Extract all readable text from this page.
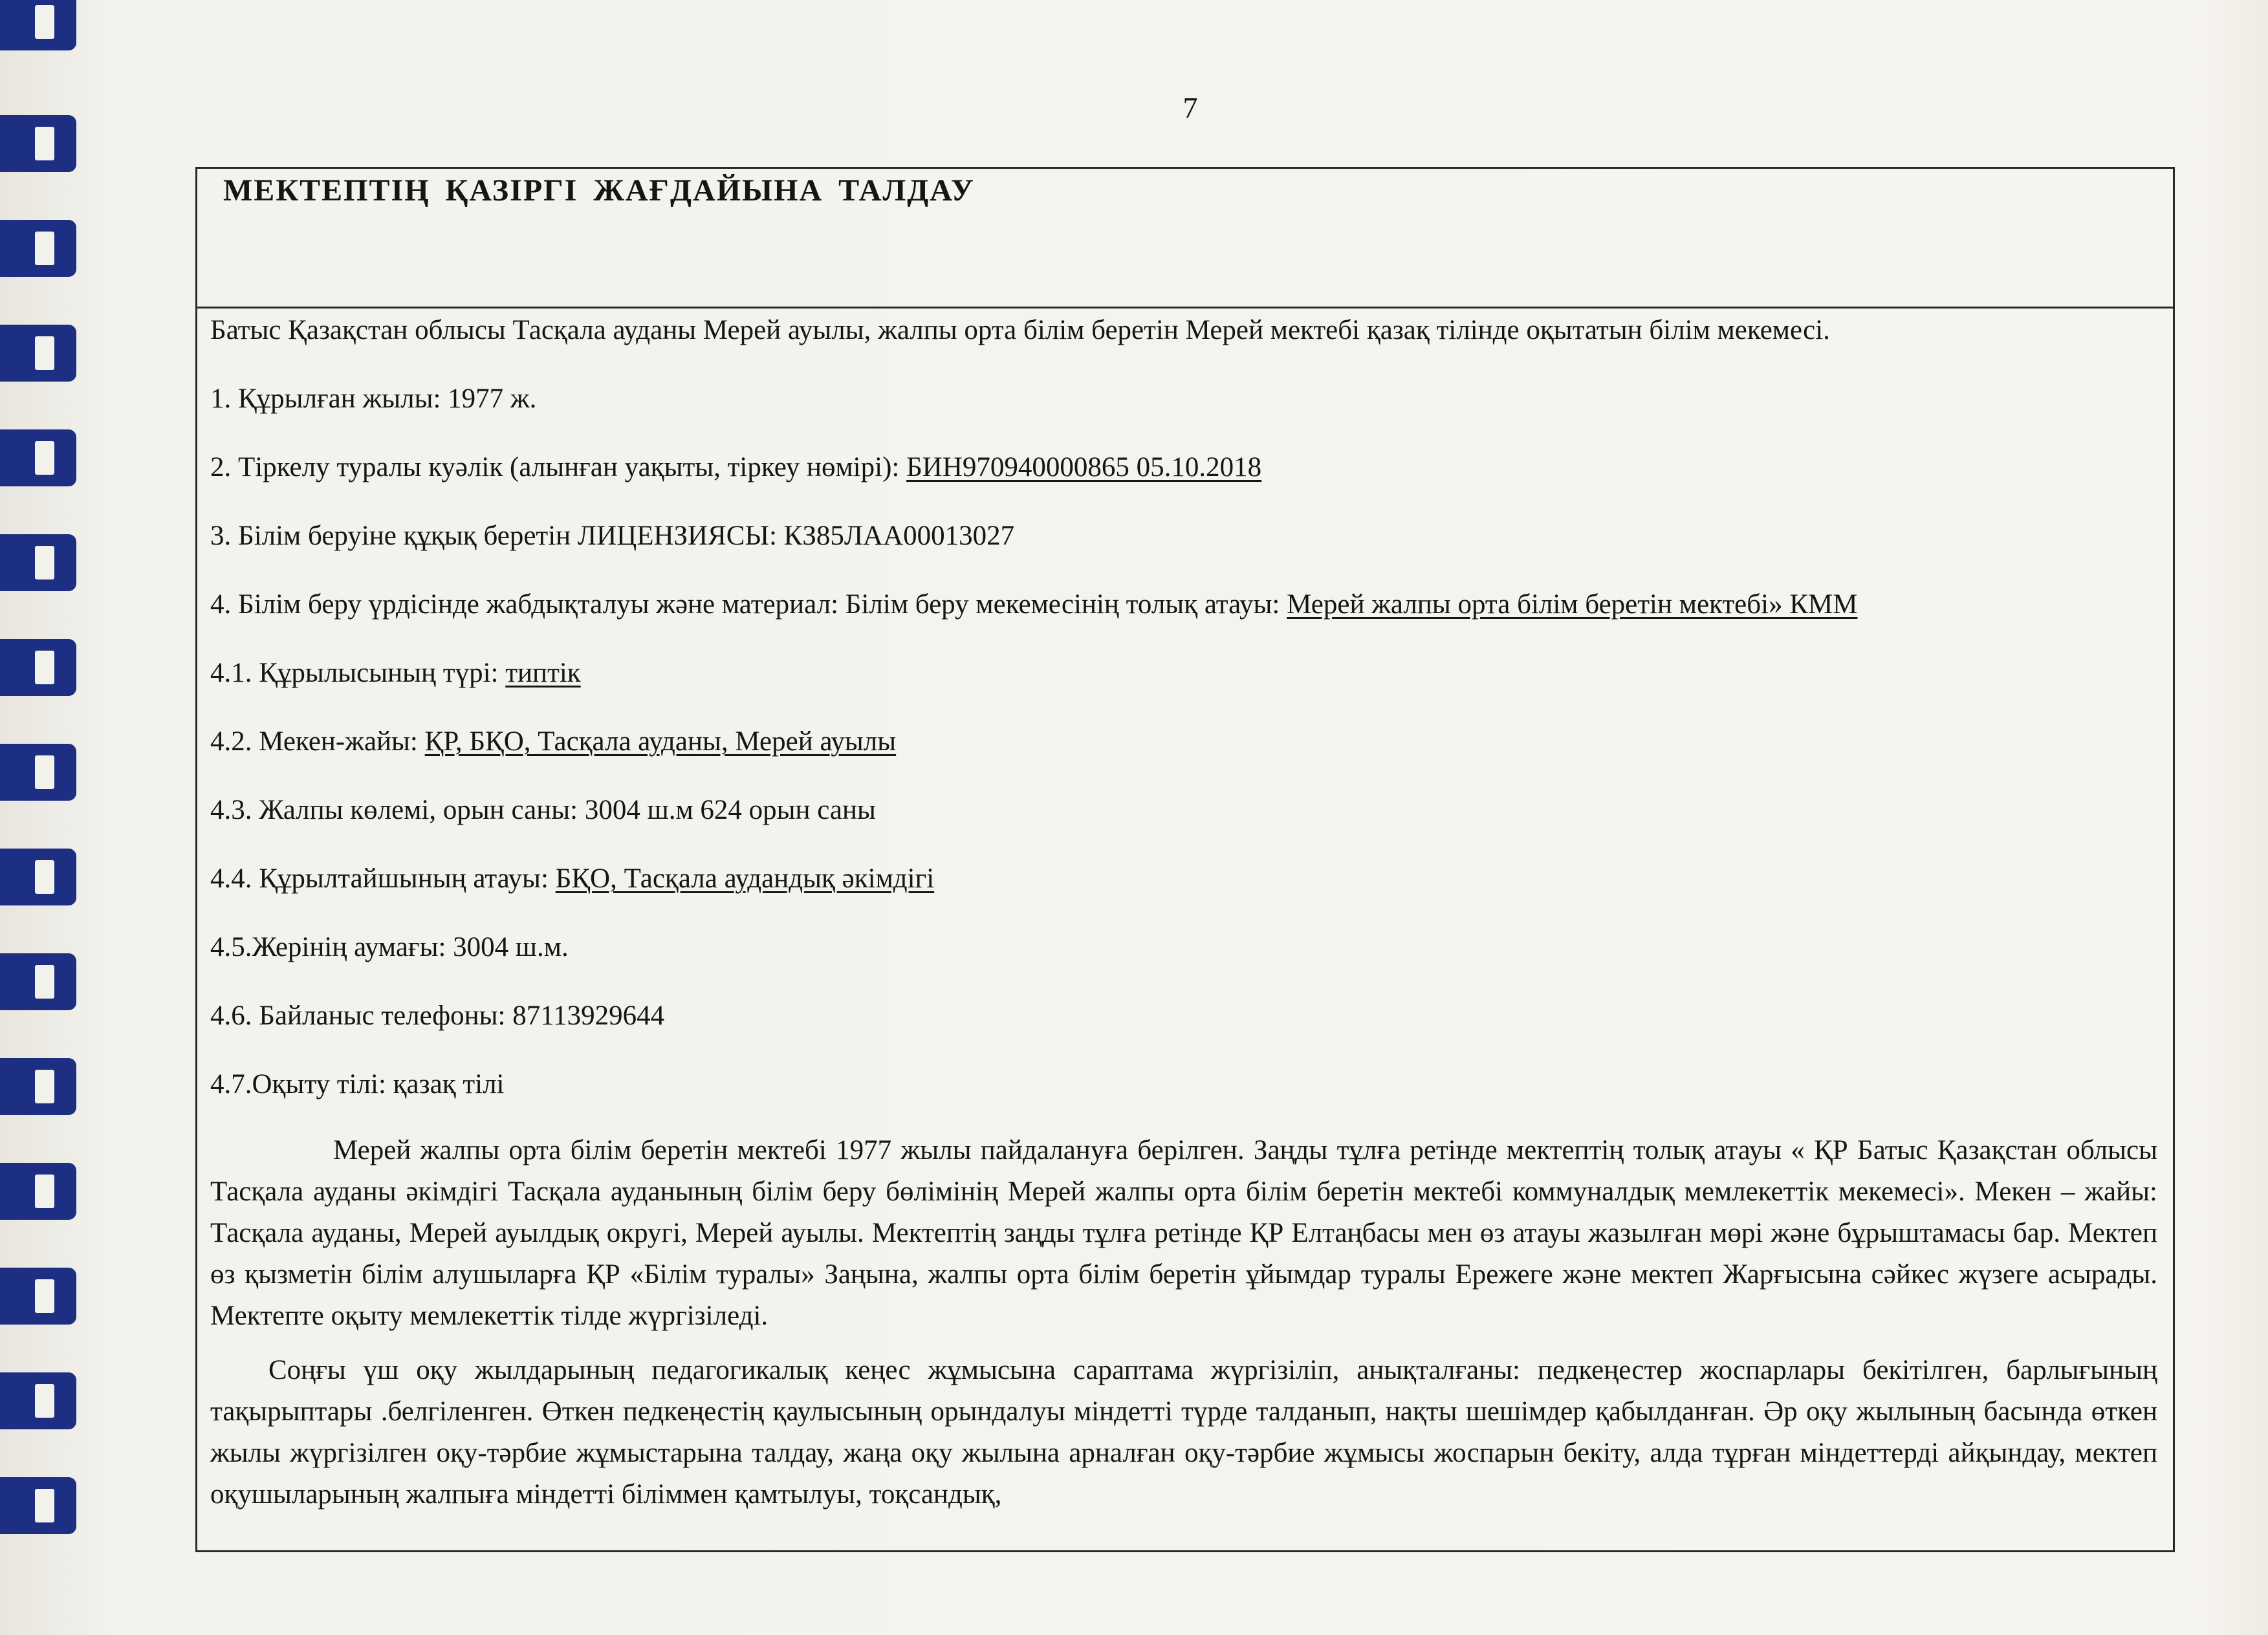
7
МЕКТЕПТІҢ ҚАЗІРГІ ЖАҒДАЙЫНА ТАЛДАУ
Батыс Қазақстан облысы Тасқала ауданы Мерей ауылы, жалпы орта білім беретін Мерей мектебі қазақ тілінде оқытатын білім мекемесі.
1. Құрылған жылы: 1977 ж.
2. Тіркелу туралы куәлік (алынған уақыты, тіркеу нөмірі): БИН970940000865 05.10.2018
3. Білім беруіне құқық беретін ЛИЦЕНЗИЯСЫ: КЗ85ЛАА00013027
4. Білім беру үрдісінде жабдықталуы және материал: Білім беру мекемесінің толық атауы: Мерей жалпы орта білім беретін мектебі» КММ
4.1. Құрылысының түрі: типтік
4.2. Мекен-жайы: ҚР, БҚО, Тасқала ауданы, Мерей ауылы
4.3. Жалпы көлемі, орын саны: 3004 ш.м 624 орын саны
4.4. Құрылтайшының атауы: БҚО, Тасқала аудандық әкімдігі
4.5.Жерінің аумағы: 3004 ш.м.
4.6. Байланыс телефоны: 87113929644
4.7.Оқыту тілі: қазақ тілі
Мерей жалпы орта білім беретін мектебі 1977 жылы пайдалануға берілген. Заңды тұлға ретінде мектептің толық атауы « ҚР Батыс Қазақстан облысы Тасқала ауданы әкімдігі Тасқала ауданының білім беру бөлімінің Мерей жалпы орта білім беретін мектебі коммуналдық мемлекеттік мекемесі». Мекен – жайы: Тасқала ауданы, Мерей ауылдық округі, Мерей ауылы. Мектептің заңды тұлға ретінде ҚР Елтаңбасы мен өз атауы жазылған мөрі және бұрыштамасы бар. Мектеп өз қызметін білім алушыларға ҚР «Білім туралы» Заңына, жалпы орта білім беретін ұйымдар туралы Ережеге және мектеп Жарғысына сәйкес жүзеге асырады. Мектепте оқыту мемлекеттік тілде жүргізіледі.
Соңғы үш оқу жылдарының педагогикалық кеңес жұмысына сараптама жүргізіліп, анықталғаны: педкеңестер жоспарлары бекітілген, барлығының тақырыптары .белгіленген. Өткен педкеңестің қаулысының орындалуы міндетті түрде талданып, нақты шешімдер қабылданған. Әр оқу жылының басында өткен жылы жүргізілген оқу-тәрбие жұмыстарына талдау, жаңа оқу жылына арналған оқу-тәрбие жұмысы жоспарын бекіту, алда тұрған міндеттерді айқындау, мектеп оқушыларының жалпыға міндетті біліммен қамтылуы, тоқсандық,
